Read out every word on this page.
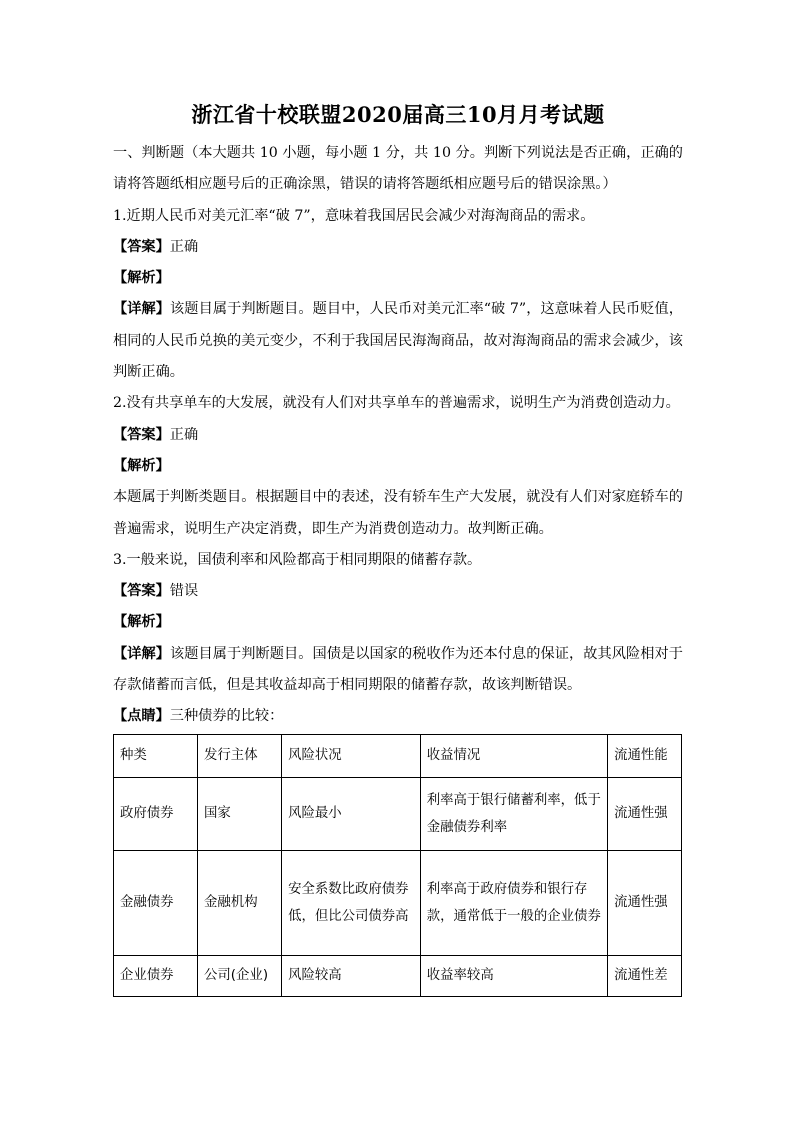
浙江省十校联盟2020届高三10月月考试题
一、判断题（本大题共 10 小题，每小题 1 分，共 10 分。判断下列说法是否正确，正确的请将答题纸相应题号后的正确涂黑，错误的请将答题纸相应题号后的错误涂黑。）
1.近期人民币对美元汇率“破 7”，意味着我国居民会减少对海淘商品的需求。
【答案】正确
【解析】
【详解】该题目属于判断题目。题目中，人民币对美元汇率“破 7”，这意味着人民币贬值，相同的人民币兑换的美元变少，不利于我国居民海淘商品，故对海淘商品的需求会减少，该判断正确。
2.没有共享单车的大发展，就没有人们对共享单车的普遍需求，说明生产为消费创造动力。
【答案】正确
【解析】
本题属于判断类题目。根据题目中的表述，没有轿车生产大发展，就没有人们对家庭轿车的普遍需求，说明生产决定消费，即生产为消费创造动力。故判断正确。
3.一般来说，国债利率和风险都高于相同期限的储蓄存款。
【答案】错误
【解析】
【详解】该题目属于判断题目。国债是以国家的税收作为还本付息的保证，故其风险相对于存款储蓄而言低，但是其收益却高于相同期限的储蓄存款，故该判断错误。
【点睛】三种债券的比较：
种类	发行主体	风险状况	收益情况	流通性能
政府债券	国家	风险最小	利率高于银行储蓄利率，低于金融债券利率	流通性强
金融债券	金融机构	安全系数比政府债券低，但比公司债券高	利率高于政府债券和银行存款，通常低于一般的企业债券	流通性强
企业债券	公司(企业)	风险较高	收益率较高	流通性差
